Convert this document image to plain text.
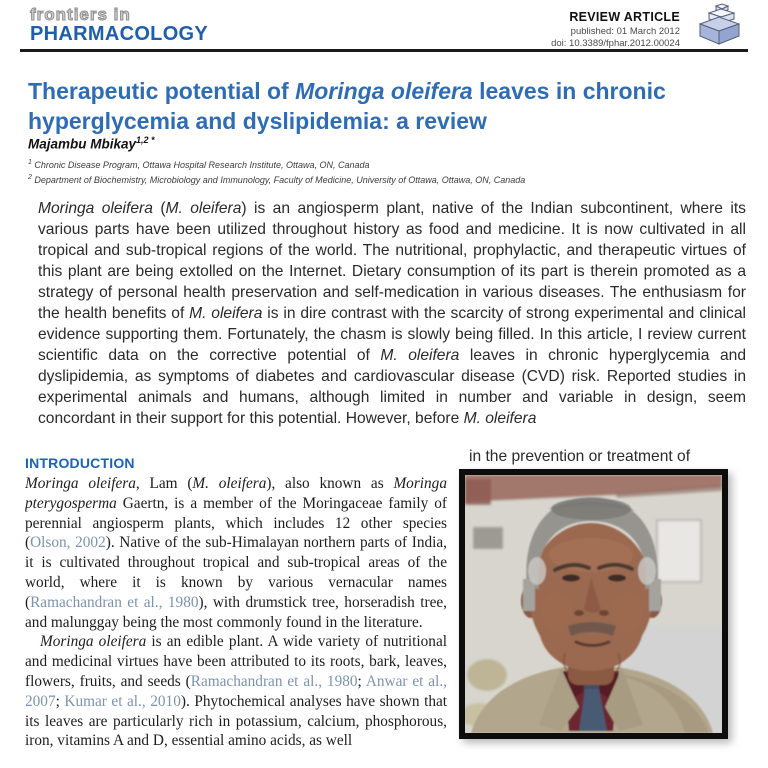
frontiers in
PHARMACOLOGY
REVIEW ARTICLE
published: 01 March 2012
doi: 10.3389/fphar.2012.00024
Therapeutic potential of Moringa oleifera leaves in chronic hyperglycemia and dyslipidemia: a review
Majambu Mbikay$^{1,2 *}$
$^1$ Chronic Disease Program, Ottawa Hospital Research Institute, Ottawa, ON, Canada
$^2$ Department of Biochemistry, Microbiology and Immunology, Faculty of Medicine, University of Ottawa, Ottawa, ON, Canada
Moringa oleifera (M. oleifera) is an angiosperm plant, native of the Indian subcontinent, where its various parts have been utilized throughout history as food and medicine. It is now cultivated in all tropical and sub-tropical regions of the world. The nutritional, prophylactic, and therapeutic virtues of this plant are being extolled on the Internet. Dietary consumption of its part is therein promoted as a strategy of personal health preservation and self-medication in various diseases. The enthusiasm for the health benefits of M. oleifera is in dire contrast with the scarcity of strong experimental and clinical evidence supporting them. Fortunately, the chasm is slowly being filled. In this article, I review current scientific data on the corrective potential of M. oleifera leaves in chronic hyperglycemia and dyslipidemia, as symptoms of diabetes and cardiovascular disease (CVD) risk. Reported studies in experimental animals and humans, although limited in number and variable in design, seem concordant in their support for this potential. However, before M. oleifera
INTRODUCTION

Moringa oleifera, Lam (M. oleifera), also known as Moringa pterygosperma Gaertn, is a member of the Moringaceae family of perennial angiosperm plants, which includes 12 other species (Olson, 2002). Native of the sub-Himalayan northern parts of India, it is cultivated throughout tropical and sub-tropical areas of the world, where it is known by various vernacular names (Ramachandran et al., 1980), with drumstick tree, horseradish tree, and malunggay being the most commonly found in the literature.

Moringa oleifera is an edible plant. A wide variety of nutritional and medicinal virtues have been attributed to its roots, bark, leaves, flowers, fruits, and seeds (Ramachandran et al., 1980; Anwar et al., 2007; Kumar et al., 2010). Phytochemical analyses have shown that its leaves are particularly rich in potassium, calcium, phosphorous, iron, vitamins A and D, essential amino acids, as well

in the prevention or treatment of
